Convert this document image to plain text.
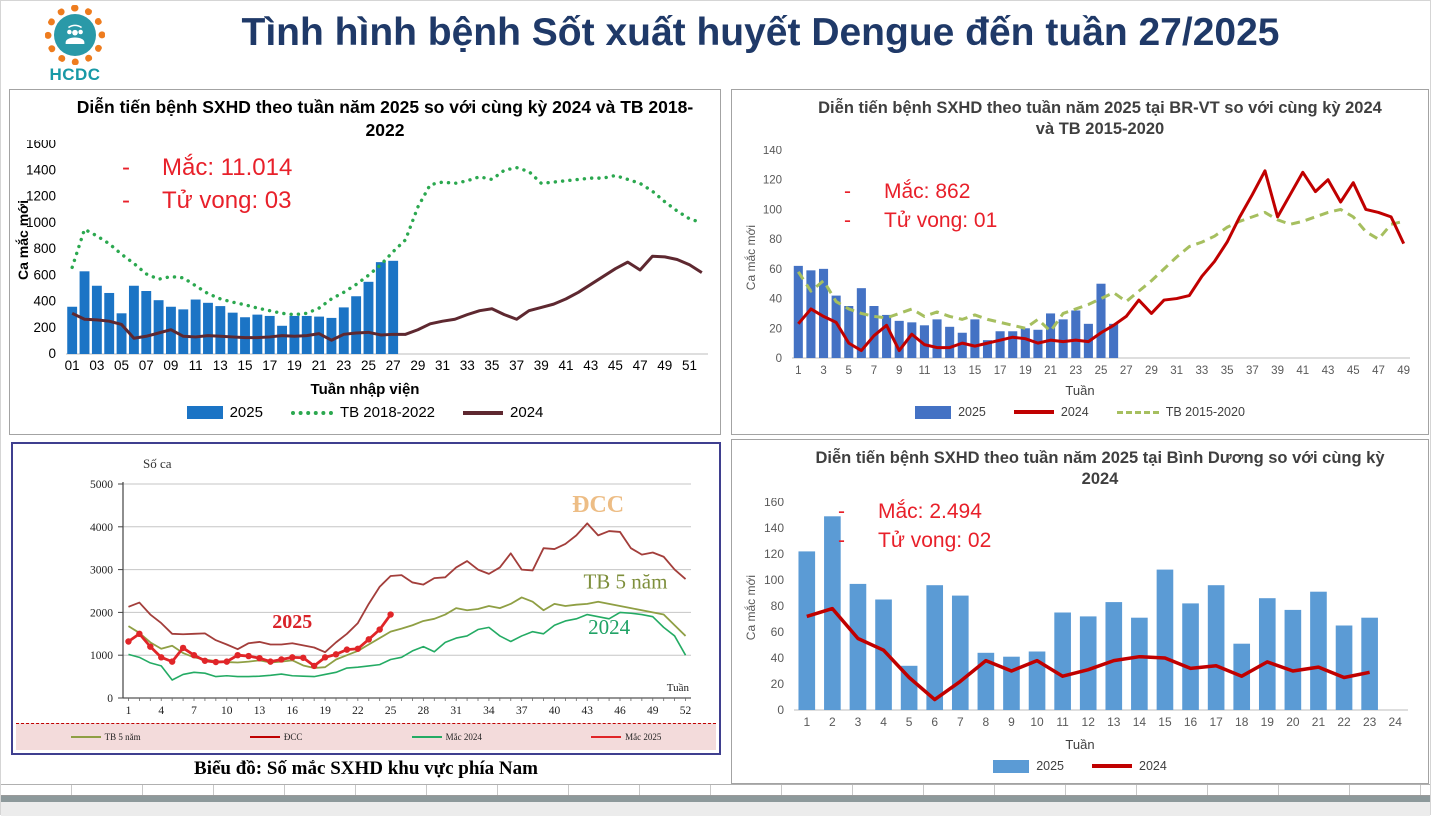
HCDC
Tình hình bệnh Sốt xuất huyết Dengue đến tuần 27/2025
Diễn tiến bệnh SXHD theo tuần năm 2025 so với cùng kỳ 2024 và TB 2018-2022
-	Mắc: 11.014
-	Tử vong: 03
Ca mắc mới
0
200
400
600
800
1000
1200
1400
1600
01 03 05 07 09 11 13 15 17 19 21 23 25 27 29 31 33 35 37 39 41 43 45 47 49 51
Tuần nhập viện
2025	TB 2018-2022	2024
Diễn tiến bệnh SXHD theo tuần năm 2025 tại BR-VT so với cùng kỳ 2024 và TB 2015-2020
-	Mắc: 862
-	Tử vong: 01
Ca mắc mới
0
20
40
60
80
100
120
140
1 3 5 7 9 11 13 15 17 19 21 23 25 27 29 31 33 35 37 39 41 43 45 47 49
Tuần
2025	2024	TB 2015-2020
Số ca
0
1000
2000
3000
4000
5000
1 4 7 10 13 16 19 22 25 28 31 34 37 40 43 46 49 52
ĐCC
TB 5 năm
2025	2024
Tuần
TB 5 năm	ĐCC	Mắc 2024	Mắc 2025
Biểu đồ: Số mắc SXHD khu vực phía Nam
Diễn tiến bệnh SXHD theo tuần năm 2025 tại Bình Dương so với cùng kỳ 2024
-	Mắc: 2.494
-	Tử vong: 02
Ca mắc mới
0
20
40
60
80
100
120
140
160
1 2 3 4 5 6 7 8 9 10 11 12 13 14 15 16 17 18 19 20 21 22 23 24
Tuần
2025	2024
